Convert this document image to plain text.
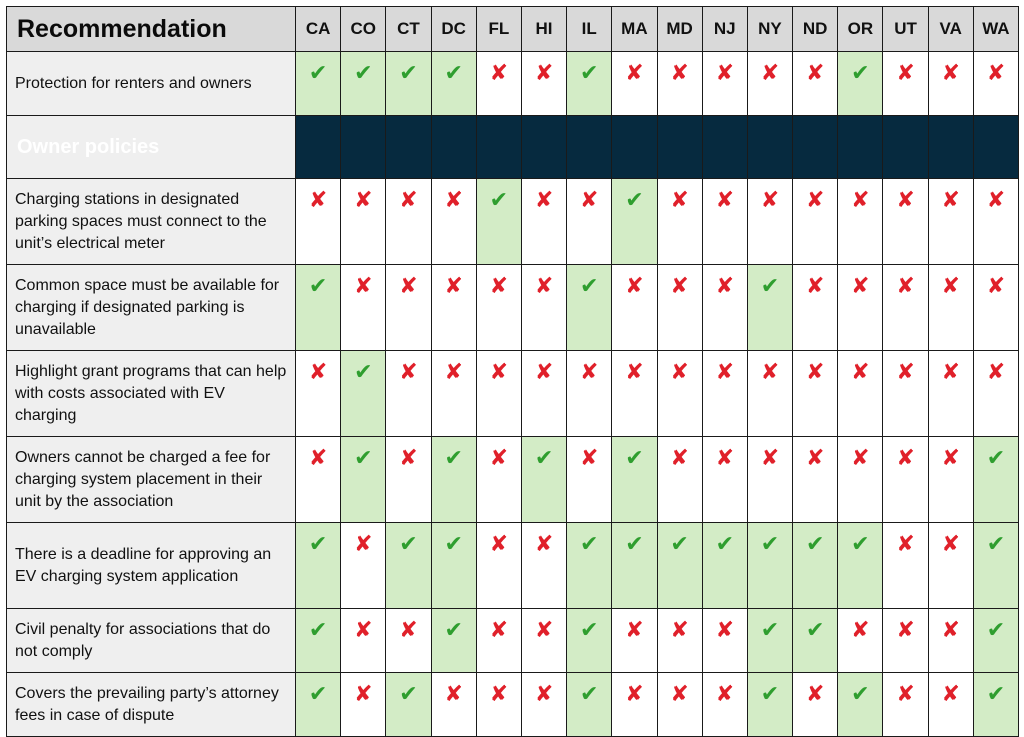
Recommendation	CA	CO	CT	DC	FL	HI	IL	MA	MD	NJ	NY	ND	OR	UT	VA	WA
Protection for renters and owners	✔	✔	✔	✔	✘	✘	✔	✘	✘	✘	✘	✘	✔	✘	✘	✘
Owner policies																
Charging stations in designated parking spaces must connect to the unit’s electrical meter	✘	✘	✘	✘	✔	✘	✘	✔	✘	✘	✘	✘	✘	✘	✘	✘
Common space must be available for charging if designated parking is unavailable	✔	✘	✘	✘	✘	✘	✔	✘	✘	✘	✔	✘	✘	✘	✘	✘
Highlight grant programs that can help with costs associated with EV charging	✘	✔	✘	✘	✘	✘	✘	✘	✘	✘	✘	✘	✘	✘	✘	✘
Owners cannot be charged a fee for charging system placement in their unit by the association	✘	✔	✘	✔	✘	✔	✘	✔	✘	✘	✘	✘	✘	✘	✘	✔
There is a deadline for approving an EV charging system application	✔	✘	✔	✔	✘	✘	✔	✔	✔	✔	✔	✔	✔	✘	✘	✔
Civil penalty for associations that do not comply	✔	✘	✘	✔	✘	✘	✔	✘	✘	✘	✔	✔	✘	✘	✘	✔
Covers the prevailing party’s attorney fees in case of dispute	✔	✘	✔	✘	✘	✘	✔	✘	✘	✘	✔	✘	✔	✘	✘	✔
